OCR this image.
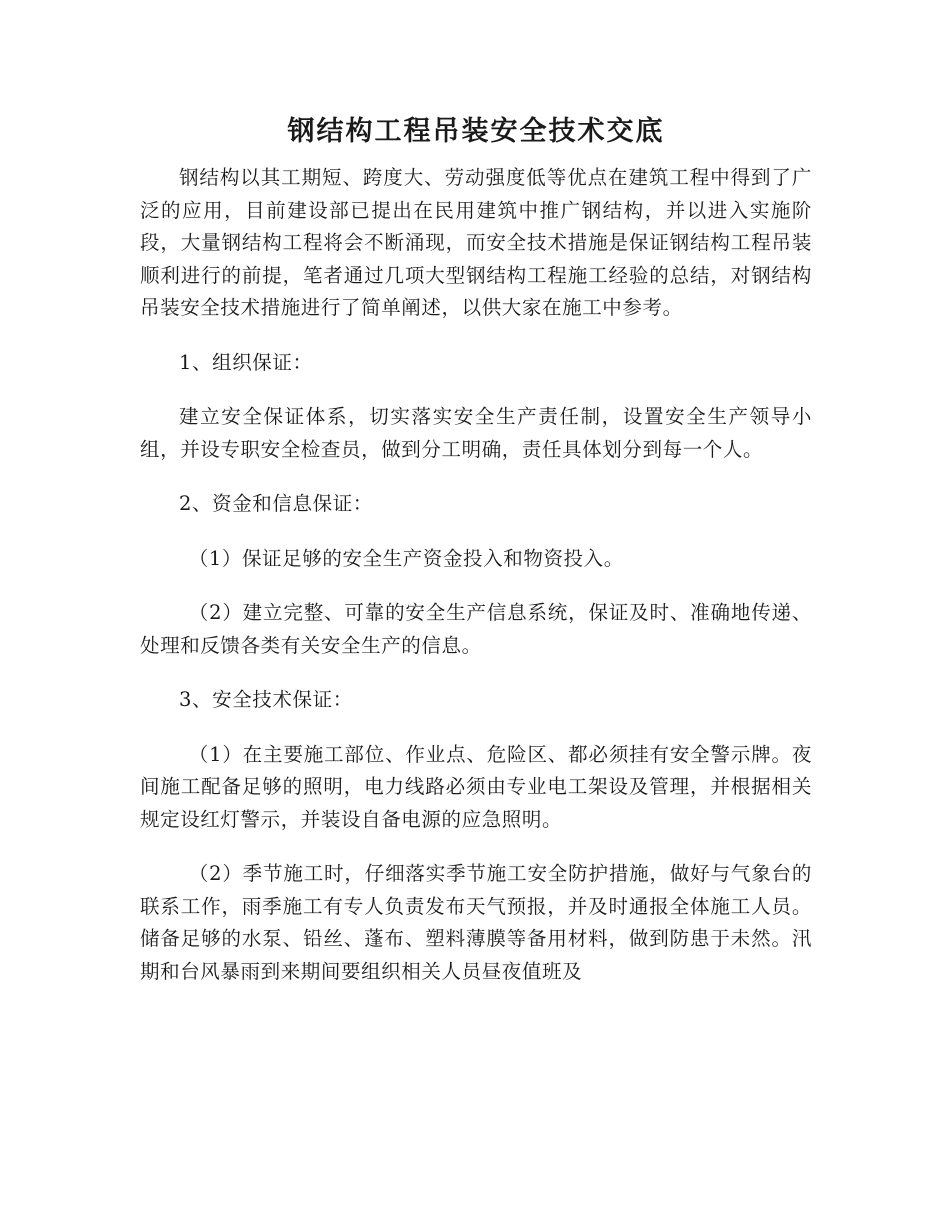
钢结构工程吊装安全技术交底

钢结构以其工期短、跨度大、劳动强度低等优点在建筑工程中得到了广泛的应用，目前建设部已提出在民用建筑中推广钢结构，并以进入实施阶段，大量钢结构工程将会不断涌现，而安全技术措施是保证钢结构工程吊装顺利进行的前提，笔者通过几项大型钢结构工程施工经验的总结，对钢结构吊装安全技术措施进行了简单阐述，以供大家在施工中参考。

1、组织保证：

建立安全保证体系，切实落实安全生产责任制，设置安全生产领导小组，并设专职安全检查员，做到分工明确，责任具体划分到每一个人。

2、资金和信息保证：

（1）保证足够的安全生产资金投入和物资投入。

（2）建立完整、可靠的安全生产信息系统，保证及时、准确地传递、处理和反馈各类有关安全生产的信息。

3、安全技术保证：

（1）在主要施工部位、作业点、危险区、都必须挂有安全警示牌。夜间施工配备足够的照明，电力线路必须由专业电工架设及管理，并根据相关规定设红灯警示，并装设自备电源的应急照明。

（2）季节施工时，仔细落实季节施工安全防护措施，做好与气象台的联系工作，雨季施工有专人负责发布天气预报，并及时通报全体施工人员。储备足够的水泵、铅丝、蓬布、塑料薄膜等备用材料，做到防患于未然。汛期和台风暴雨到来期间要组织相关人员昼夜值班及
